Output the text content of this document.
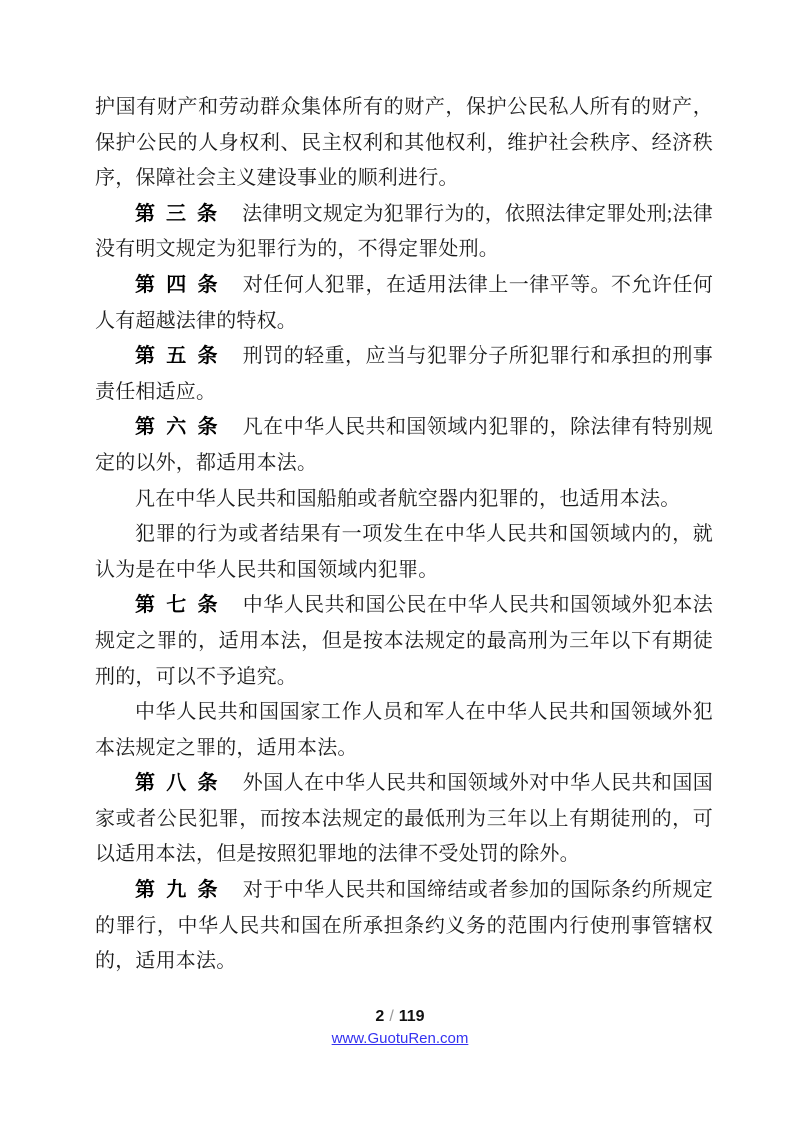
护国有财产和劳动群众集体所有的财产，保护公民私人所有的财产，保护公民的人身权利、民主权利和其他权利，维护社会秩序、经济秩序，保障社会主义建设事业的顺利进行。

第三条 法律明文规定为犯罪行为的，依照法律定罪处刑;法律没有明文规定为犯罪行为的，不得定罪处刑。

第四条 对任何人犯罪，在适用法律上一律平等。不允许任何人有超越法律的特权。

第五条 刑罚的轻重，应当与犯罪分子所犯罪行和承担的刑事责任相适应。

第六条 凡在中华人民共和国领域内犯罪的，除法律有特别规定的以外，都适用本法。

凡在中华人民共和国船舶或者航空器内犯罪的，也适用本法。

犯罪的行为或者结果有一项发生在中华人民共和国领域内的，就认为是在中华人民共和国领域内犯罪。

第七条 中华人民共和国公民在中华人民共和国领域外犯本法规定之罪的，适用本法，但是按本法规定的最高刑为三年以下有期徒刑的，可以不予追究。

中华人民共和国国家工作人员和军人在中华人民共和国领域外犯本法规定之罪的，适用本法。

第八条 外国人在中华人民共和国领域外对中华人民共和国国家或者公民犯罪，而按本法规定的最低刑为三年以上有期徒刑的，可以适用本法，但是按照犯罪地的法律不受处罚的除外。

第九条 对于中华人民共和国缔结或者参加的国际条约所规定的罪行，中华人民共和国在所承担条约义务的范围内行使刑事管辖权的，适用本法。

2 / 119
www.GuotuRen.com
